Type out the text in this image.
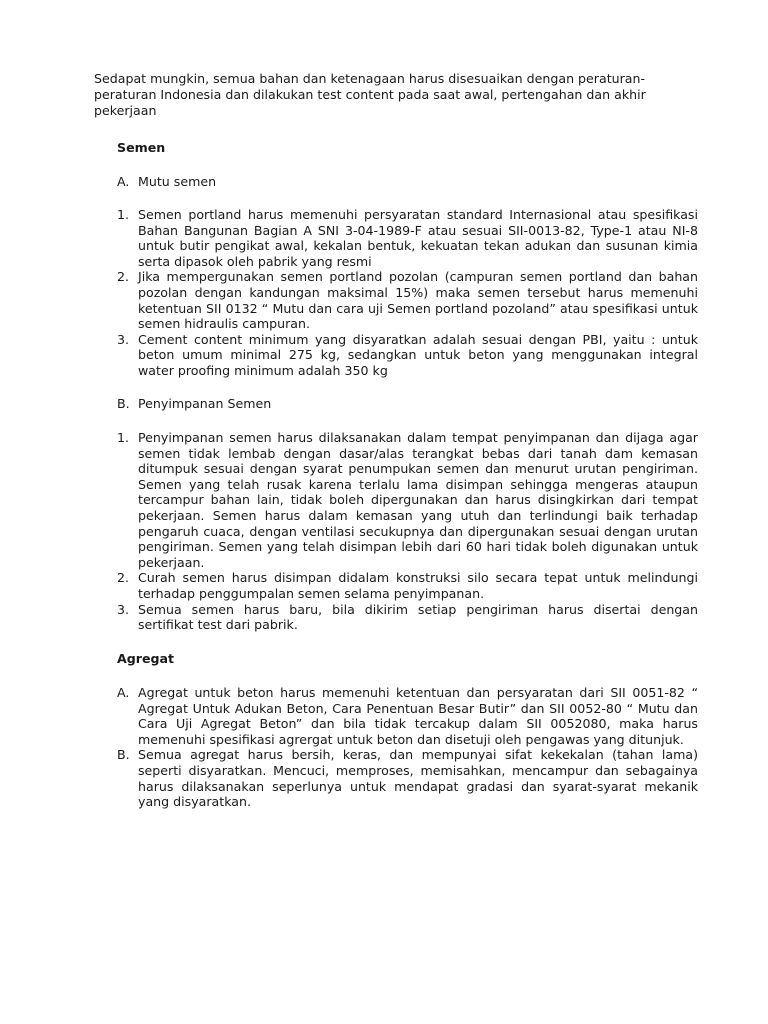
Sedapat mungkin, semua bahan dan ketenagaan harus disesuaikan dengan peraturan-peraturan Indonesia dan dilakukan test content pada saat awal, pertengahan dan akhir pekerjaan

Semen

A. Mutu semen

1. Semen portland harus memenuhi persyaratan standard Internasional atau spesifikasi Bahan Bangunan Bagian A SNI 3-04-1989-F atau sesuai SII-0013-82, Type-1 atau NI-8 untuk butir pengikat awal, kekalan bentuk, kekuatan tekan adukan dan susunan kimia serta dipasok oleh pabrik yang resmi
2. Jika mempergunakan semen portland pozolan (campuran semen portland dan bahan pozolan dengan kandungan maksimal 15%) maka semen tersebut harus memenuhi ketentuan SII 0132 “ Mutu dan cara uji Semen portland pozoland” atau spesifikasi untuk semen hidraulis campuran.
3. Cement content minimum yang disyaratkan adalah sesuai dengan PBI, yaitu : untuk beton umum minimal 275 kg, sedangkan untuk beton yang menggunakan integral water proofing minimum adalah 350 kg

B. Penyimpanan Semen

1. Penyimpanan semen harus dilaksanakan dalam tempat penyimpanan dan dijaga agar semen tidak lembab dengan dasar/alas terangkat bebas dari tanah dam kemasan ditumpuk sesuai dengan syarat penumpukan semen dan menurut urutan pengiriman. Semen yang telah rusak karena terlalu lama disimpan sehingga mengeras ataupun tercampur bahan lain, tidak boleh dipergunakan dan harus disingkirkan dari tempat pekerjaan. Semen harus dalam kemasan yang utuh dan terlindungi baik terhadap pengaruh cuaca, dengan ventilasi secukupnya dan dipergunakan sesuai dengan urutan pengiriman. Semen yang telah disimpan lebih dari 60 hari tidak boleh digunakan untuk pekerjaan.
2. Curah semen harus disimpan didalam konstruksi silo secara tepat untuk melindungi terhadap penggumpalan semen selama penyimpanan.
3. Semua semen harus baru, bila dikirim setiap pengiriman harus disertai dengan sertifikat test dari pabrik.

Agregat

A. Agregat untuk beton harus memenuhi ketentuan dan persyaratan dari SII 0051-82 “ Agregat Untuk Adukan Beton, Cara Penentuan Besar Butir” dan SII 0052-80 “ Mutu dan Cara Uji Agregat Beton” dan bila tidak tercakup dalam SII 0052080, maka harus memenuhi spesifikasi agrergat untuk beton dan disetuji oleh pengawas yang ditunjuk.
B. Semua agregat harus bersih, keras, dan mempunyai sifat kekekalan (tahan lama) seperti disyaratkan. Mencuci, memproses, memisahkan, mencampur dan sebagainya harus dilaksanakan seperlunya untuk mendapat gradasi dan syarat-syarat mekanik yang disyaratkan.
